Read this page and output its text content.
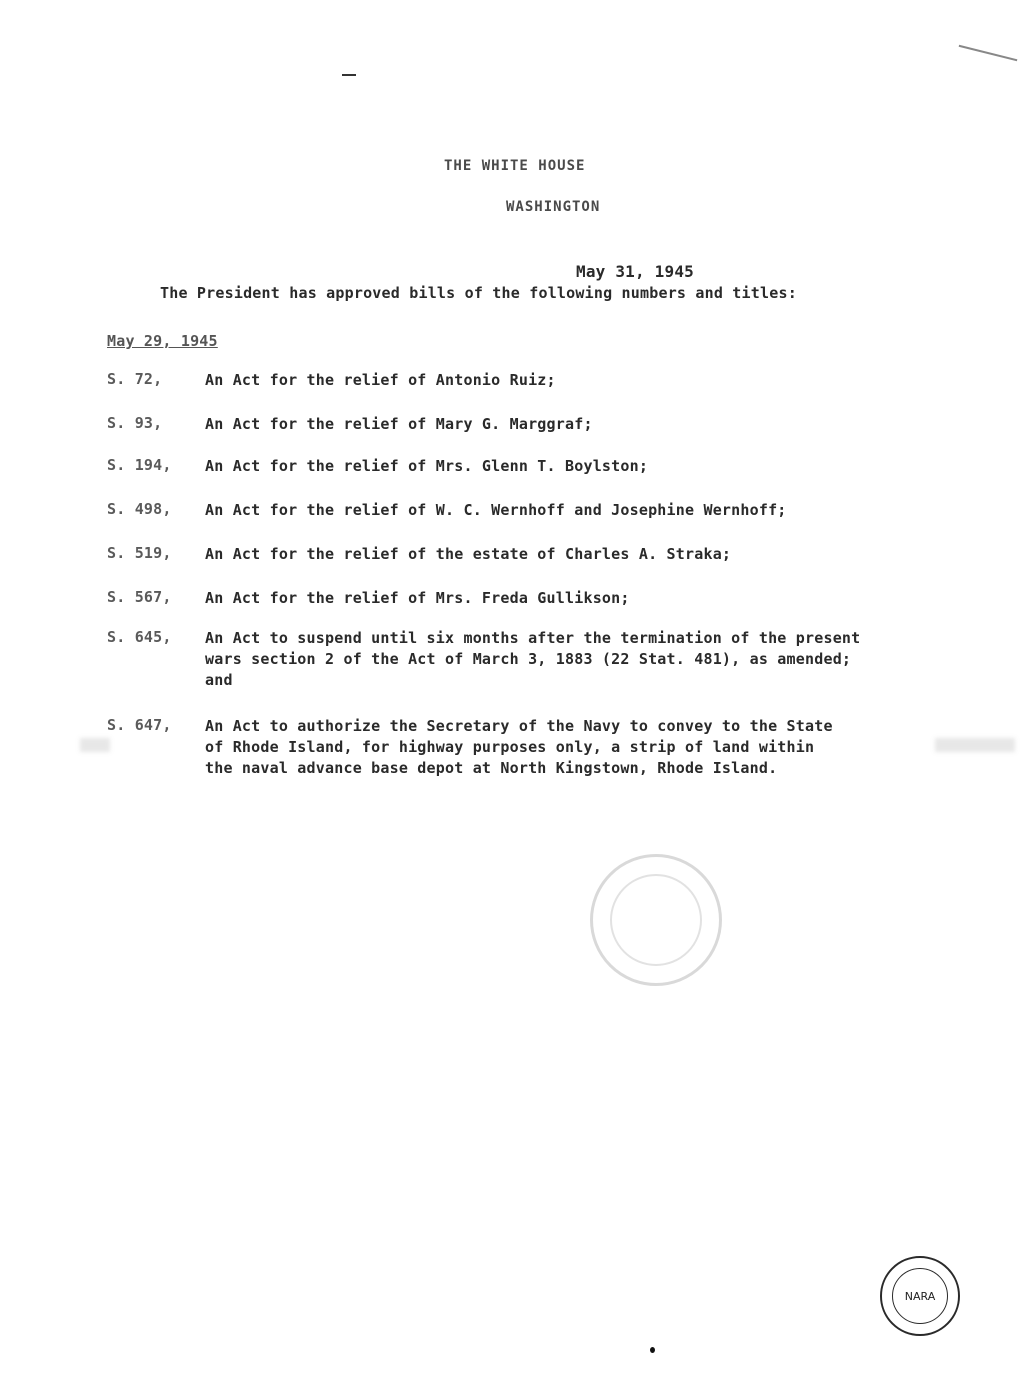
THE WHITE HOUSE
WASHINGTON
May 31, 1945
The President has approved bills of the following numbers and titles:
May 29, 1945
S. 72,	An Act for the relief of Antonio Ruiz;
S. 93,	An Act for the relief of Mary G. Marggraf;
S. 194,	An Act for the relief of Mrs. Glenn T. Boylston;
S. 498,	An Act for the relief of W. C. Wernhoff and Josephine Wernhoff;
S. 519,	An Act for the relief of the estate of Charles A. Straka;
S. 567,	An Act for the relief of Mrs. Freda Gullikson;
S. 645,	An Act to suspend until six months after the termination of the present
wars section 2 of the Act of March 3, 1883 (22 Stat. 481), as amended;
and
S. 647,	An Act to authorize the Secretary of the Navy to convey to the State
of Rhode Island, for highway purposes only, a strip of land within
the naval advance base depot at North Kingstown, Rhode Island.
NARA
